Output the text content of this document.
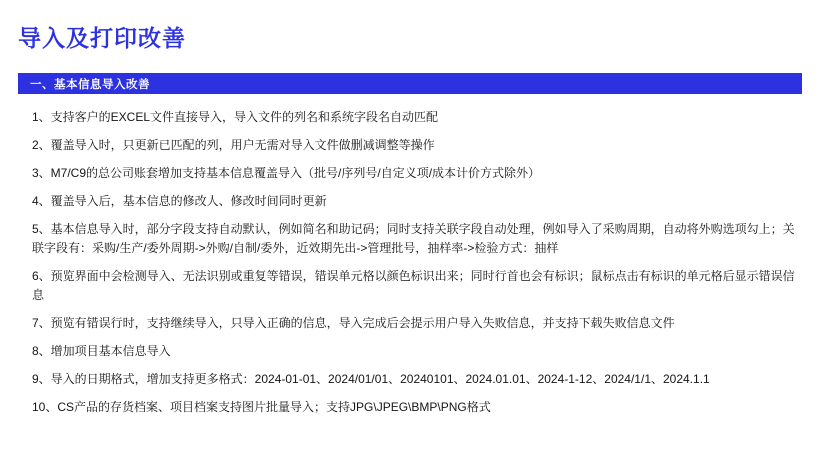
导入及打印改善
一、基本信息导入改善
1、支持客户的EXCEL文件直接导入，导入文件的列名和系统字段名自动匹配
2、覆盖导入时，只更新已匹配的列，用户无需对导入文件做删减调整等操作
3、M7/C9的总公司账套增加支持基本信息覆盖导入（批号/序列号/自定义项/成本计价方式除外）
4、覆盖导入后，基本信息的修改人、修改时间同时更新
5、基本信息导入时，部分字段支持自动默认，例如简名和助记码；同时支持关联字段自动处理，例如导入了采购周期，自动将外购选项勾上；关联字段有：采购/生产/委外周期->外购/自制/委外，近效期先出->管理批号，抽样率->检验方式：抽样
6、预览界面中会检测导入、无法识别或重复等错误，错误单元格以颜色标识出来；同时行首也会有标识；鼠标点击有标识的单元格后显示错误信息
7、预览有错误行时，支持继续导入，只导入正确的信息，导入完成后会提示用户导入失败信息，并支持下载失败信息文件
8、增加项目基本信息导入
9、导入的日期格式，增加支持更多格式：2024-01-01、2024/01/01、20240101、2024.01.01、2024-1-12、2024/1/1、2024.1.1
10、CS产品的存货档案、项目档案支持图片批量导入；支持JPG\JPEG\BMP\PNG格式
